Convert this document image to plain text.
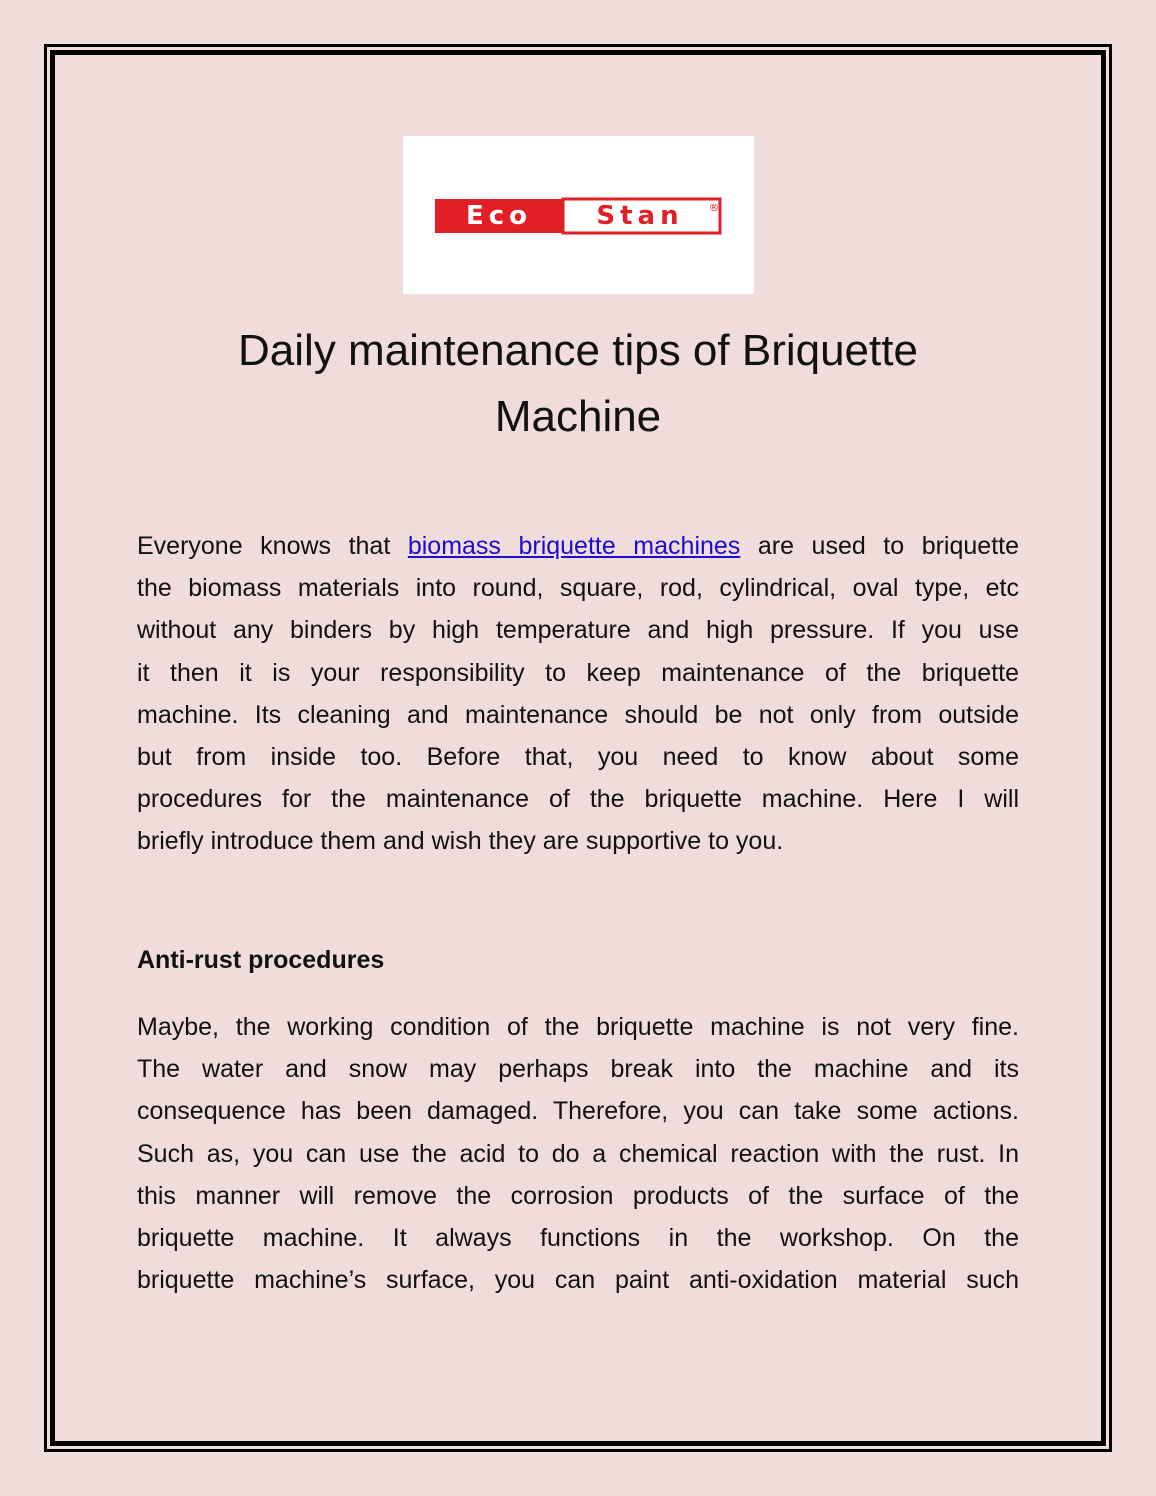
Eco Stan ®
Daily maintenance tips of Briquette
Machine
Everyone knows that biomass briquette machines are used to briquette
the biomass materials into round, square, rod, cylindrical, oval type, etc
without any binders by high temperature and high pressure. If you use
it then it is your responsibility to keep maintenance of the briquette
machine. Its cleaning and maintenance should be not only from outside
but from inside too. Before that, you need to know about some
procedures for the maintenance of the briquette machine. Here I will
briefly introduce them and wish they are supportive to you.
Anti-rust procedures
Maybe, the working condition of the briquette machine is not very fine.
The water and snow may perhaps break into the machine and its
consequence has been damaged. Therefore, you can take some actions.
Such as, you can use the acid to do a chemical reaction with the rust. In
this manner will remove the corrosion products of the surface of the
briquette machine. It always functions in the workshop. On the
briquette machine’s surface, you can paint anti-oxidation material such
